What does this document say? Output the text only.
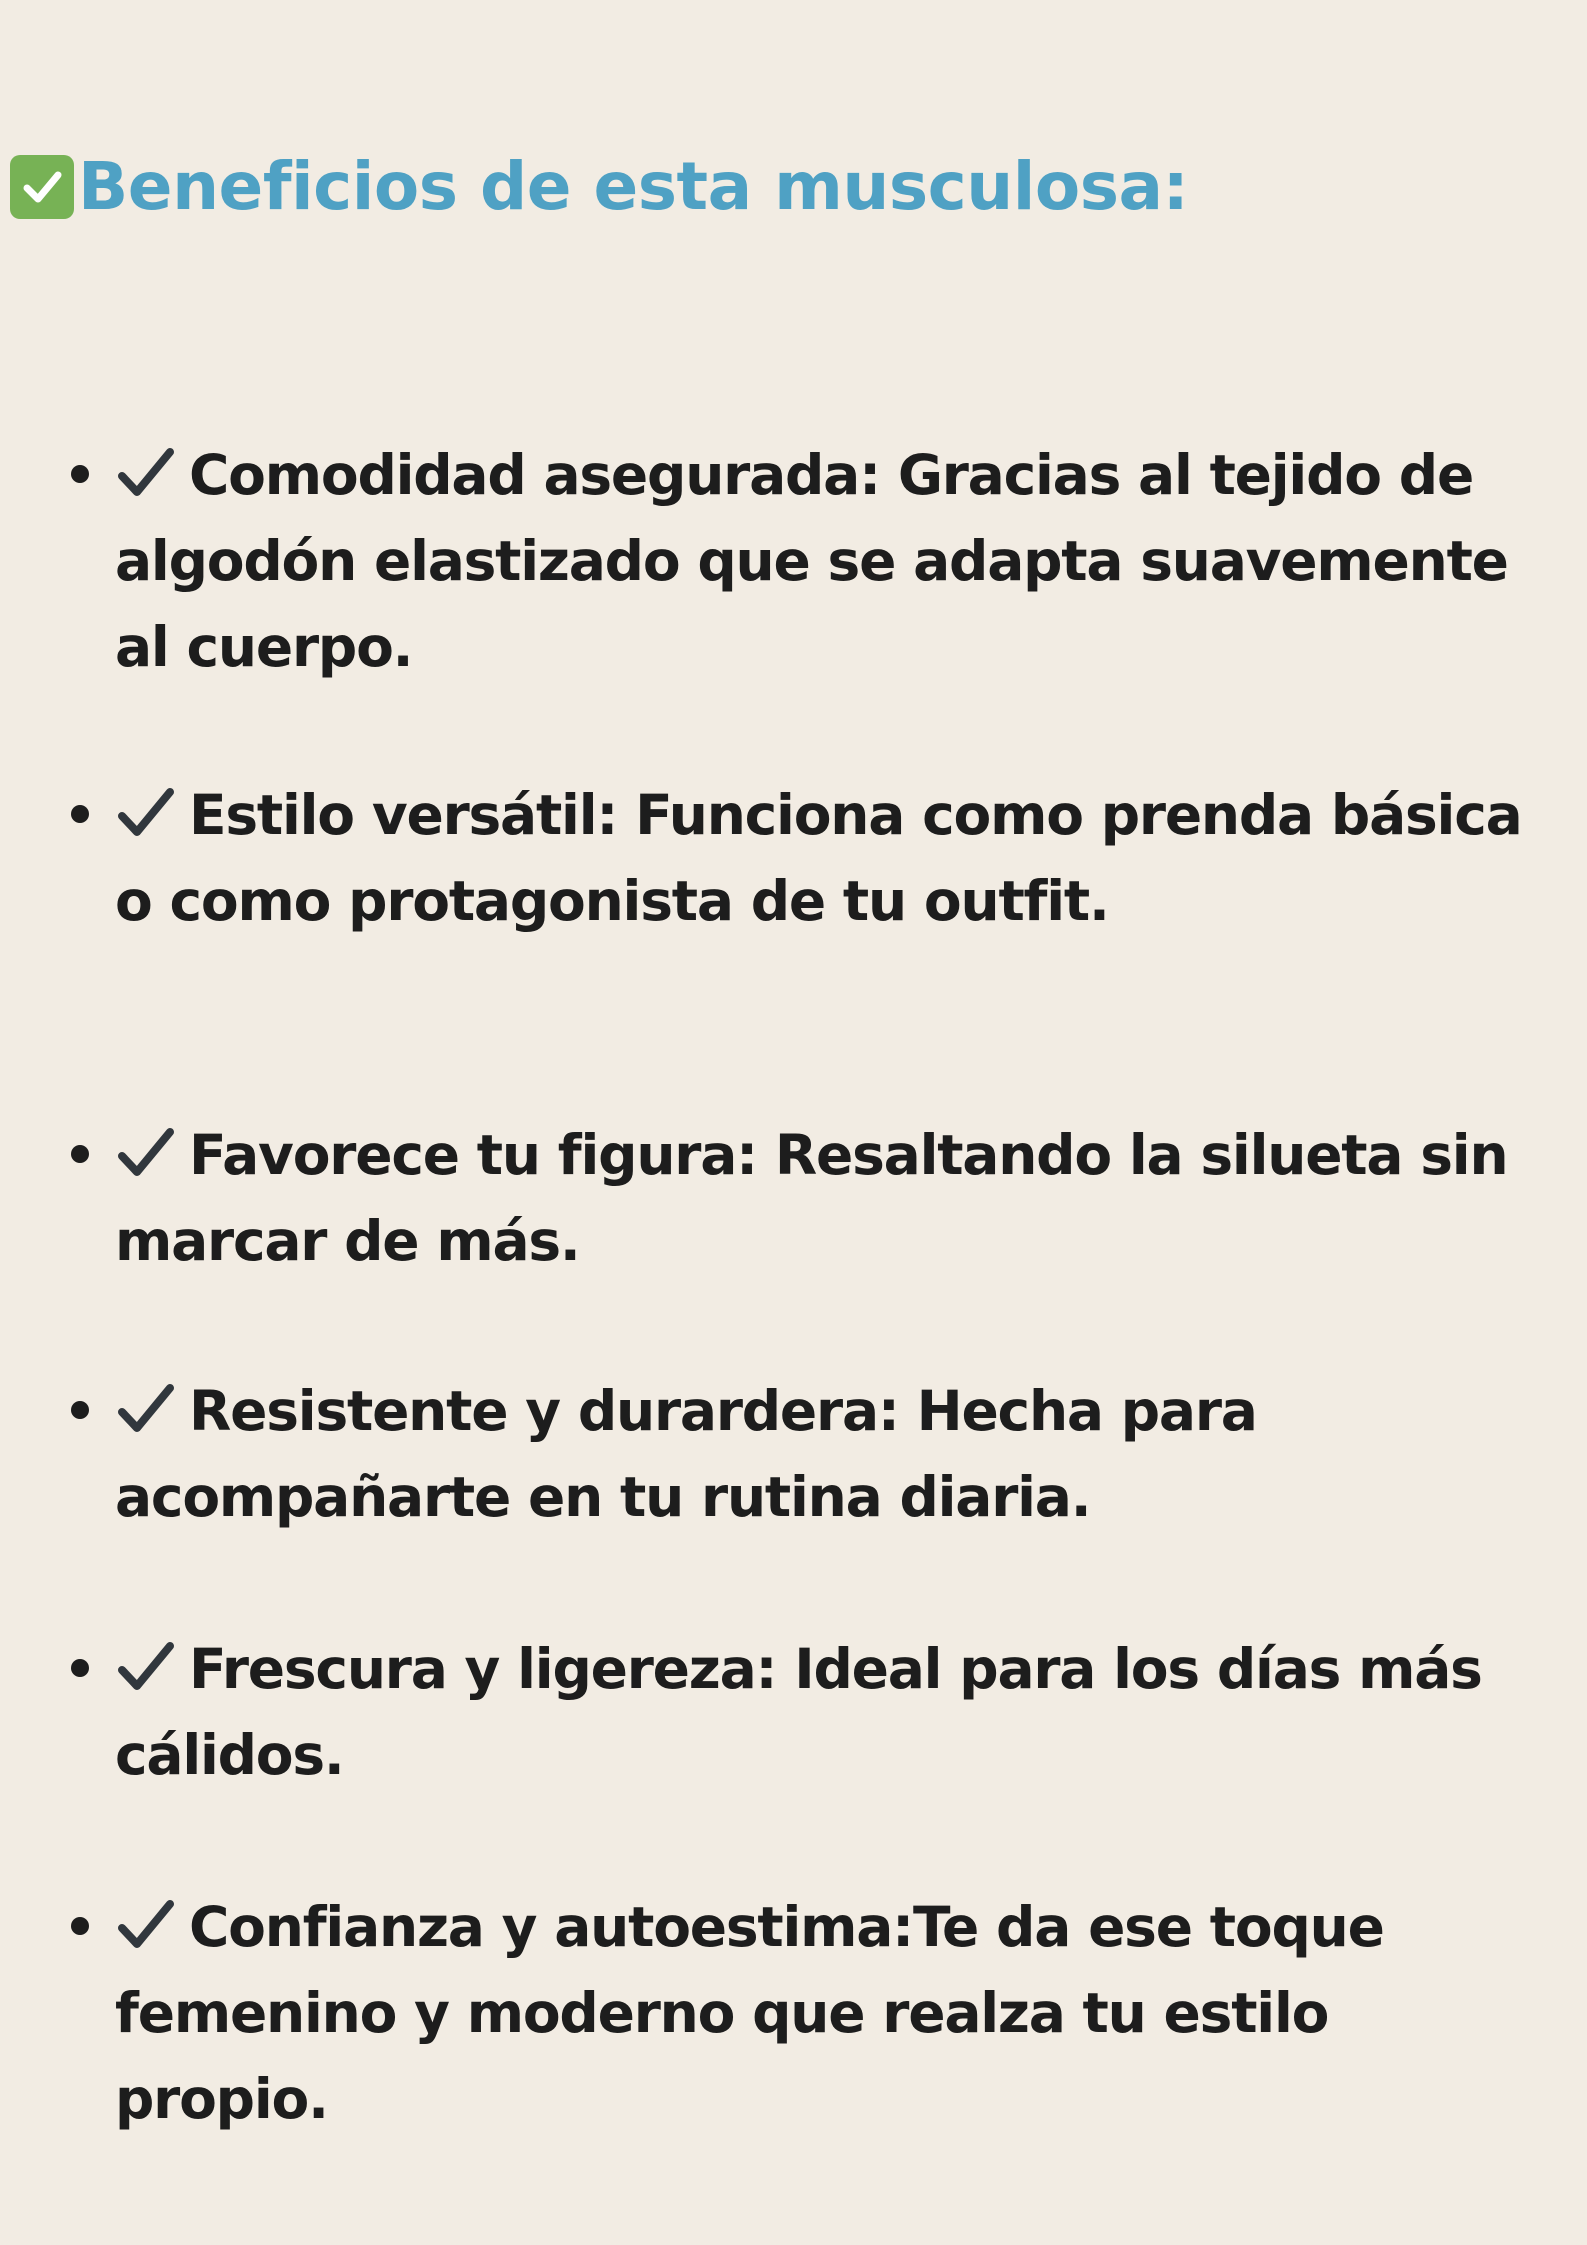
Beneficios de esta musculosa:
Comodidad asegurada: Gracias al tejido de algodón elastizado que se adapta suavemente al cuerpo.
Estilo versátil: Funciona como prenda básica o como protagonista de tu outfit.
Favorece tu figura: Resaltando la silueta sin marcar de más.
Resistente y durardera: Hecha para acompañarte en tu rutina diaria.
Frescura y ligereza: Ideal para los días más cálidos.
Confianza y autoestima:Te da ese toque femenino y moderno que realza tu estilo propio.
